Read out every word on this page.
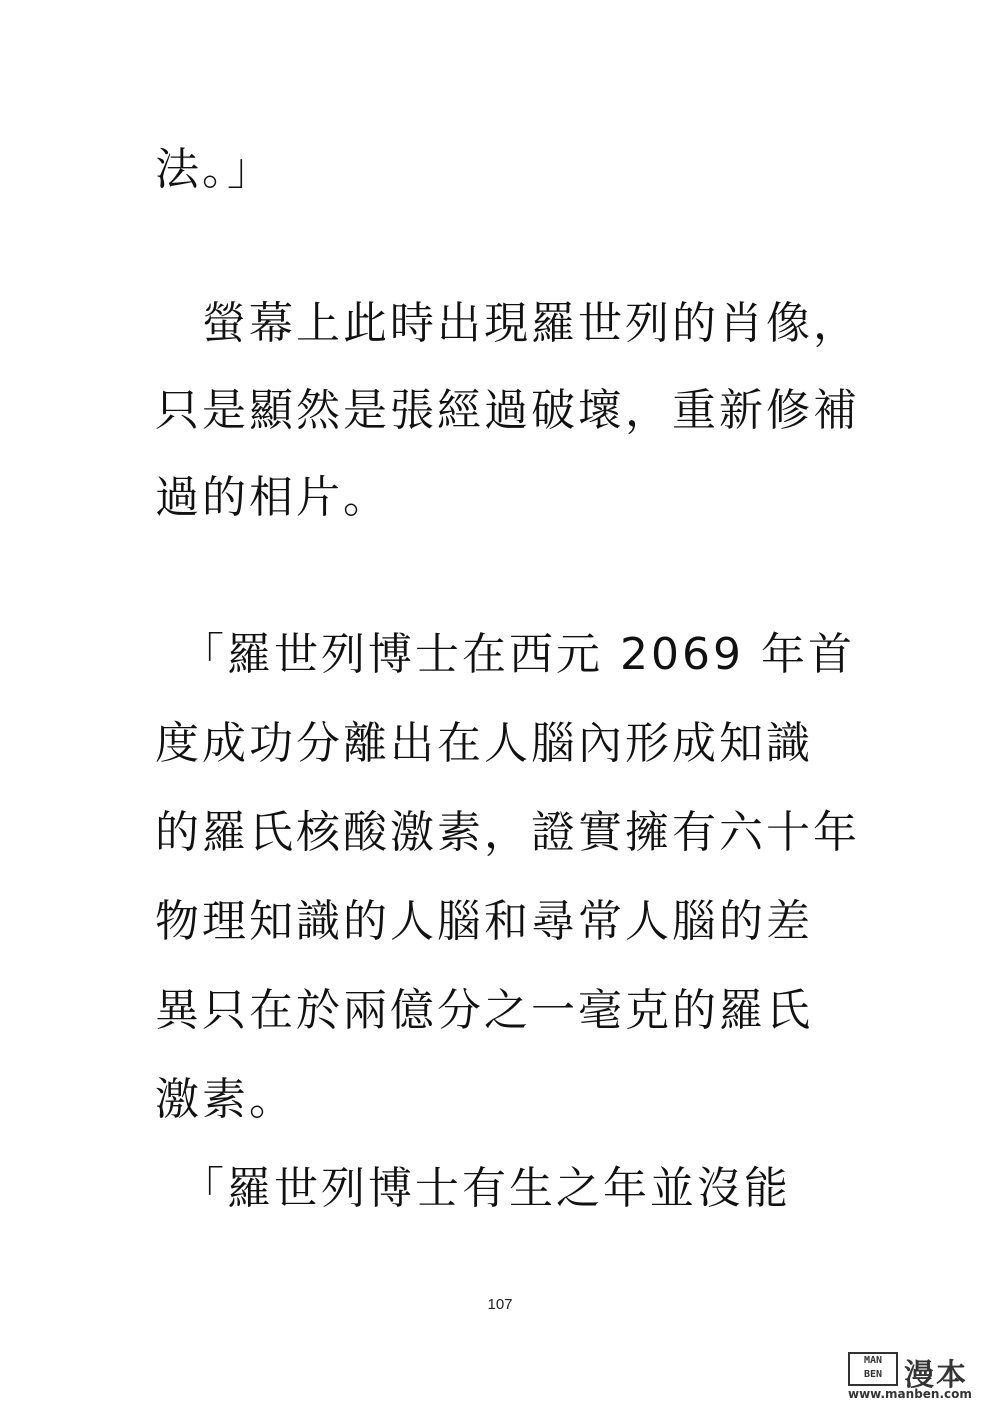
法。」
　螢幕上此時出現羅世列的肖像，
只是顯然是張經過破壞，重新修補
過的相片。
　「羅世列博士在西元 2069 年首
度成功分離出在人腦內形成知識
的羅氏核酸激素，證實擁有六十年
物理知識的人腦和尋常人腦的差
異只在於兩億分之一毫克的羅氏
激素。
　「羅世列博士有生之年並沒能
107
MAN
BEN 漫本
www.manben.com
